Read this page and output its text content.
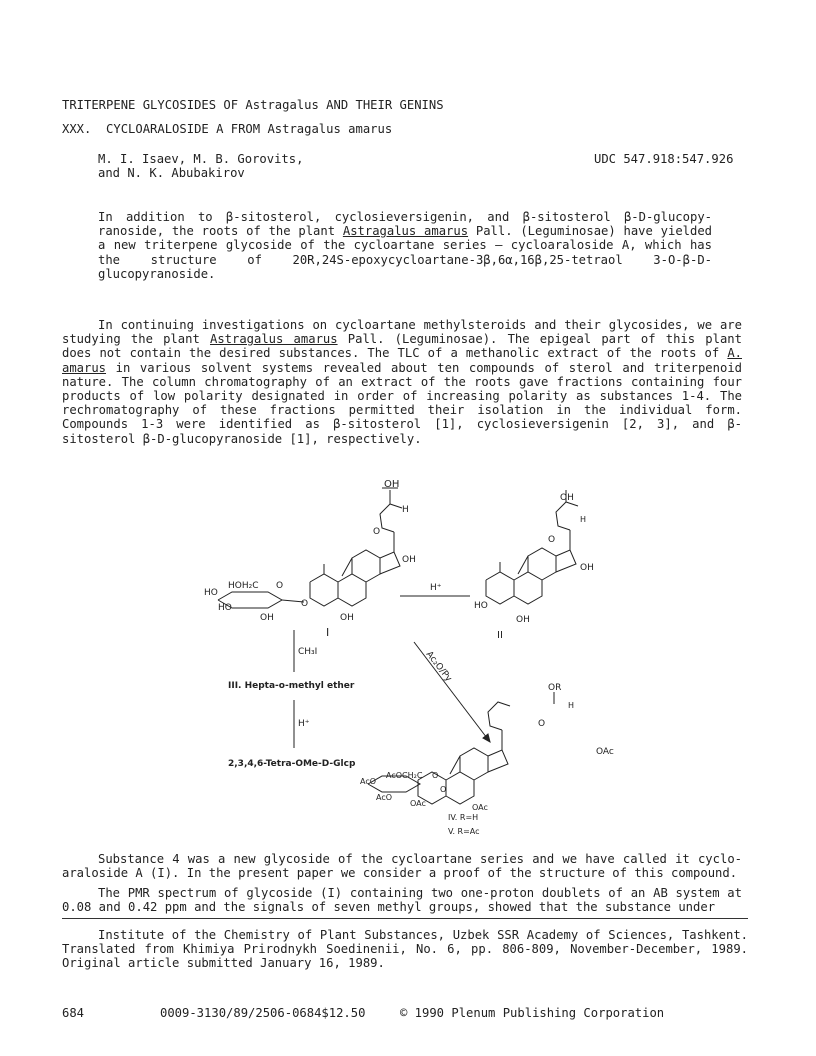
TRITERPENE GLYCOSIDES OF Astragalus AND THEIR GENINS
XXX.  CYCLOARALOSIDE A FROM Astragalus amarus
M. I. Isaev, M. B. Gorovits,
and N. K. Abubakirov
UDC 547.918:547.926
In addition to β-sitosterol, cyclosieversigenin, and β-sitosterol β-D-glucopy-ranoside, the roots of the plant Astragalus amarus Pall. (Leguminosae) have yielded a new triterpene glycoside of the cycloartane series — cycloaraloside A, which has the structure of 20R,24S-epoxycycloartane-3β,6α,16β,25-tetraol 3-O-β-D-glucopyranoside.
In continuing investigations on cycloartane methylsteroids and their glycosides, we are studying the plant Astragalus amarus Pall. (Leguminosae). The epigeal part of this plant does not contain the desired substances. The TLC of a methanolic extract of the roots of A. amarus in various solvent systems revealed about ten compounds of sterol and triterpenoid nature. The column chromatography of an extract of the roots gave fractions containing four products of low polarity designated in order of increasing polarity as substances 1-4. The rechromatography of these fractions permitted their isolation in the individual form. Compounds 1-3 were identified as β-sitosterol [1], cyclosieversigenin [2, 3], and β-sitosterol β-D-glucopyranoside [1], respectively.
OH
H
O
OH
HOH₂C O
HO
HO
OH
O
OH
I
H⁺
OH
H
O
OH
HO
OH
II
CH₃I
III. Hepta-o-methyl ether
H⁺
2,3,4,6-Tetra-OMe-D-Glcp
Ac₂O/Py
OR
H
O
OAc
AcOCH₂C O
AcO
AcO
OAc
O
OAc
IV. R=H
V. R=Ac
Substance 4 was a new glycoside of the cycloartane series and we have called it cyclo-araloside A (I). In the present paper we consider a proof of the structure of this compound.
The PMR spectrum of glycoside (I) containing two one-proton doublets of an AB system at 0.08 and 0.42 ppm and the signals of seven methyl groups, showed that the substance under
Institute of the Chemistry of Plant Substances, Uzbek SSR Academy of Sciences, Tashkent. Translated from Khimiya Prirodnykh Soedinenii, No. 6, pp. 806-809, November-December, 1989. Original article submitted January 16, 1989.
684	0009-3130/89/2506-0684$12.50	© 1990 Plenum Publishing Corporation
